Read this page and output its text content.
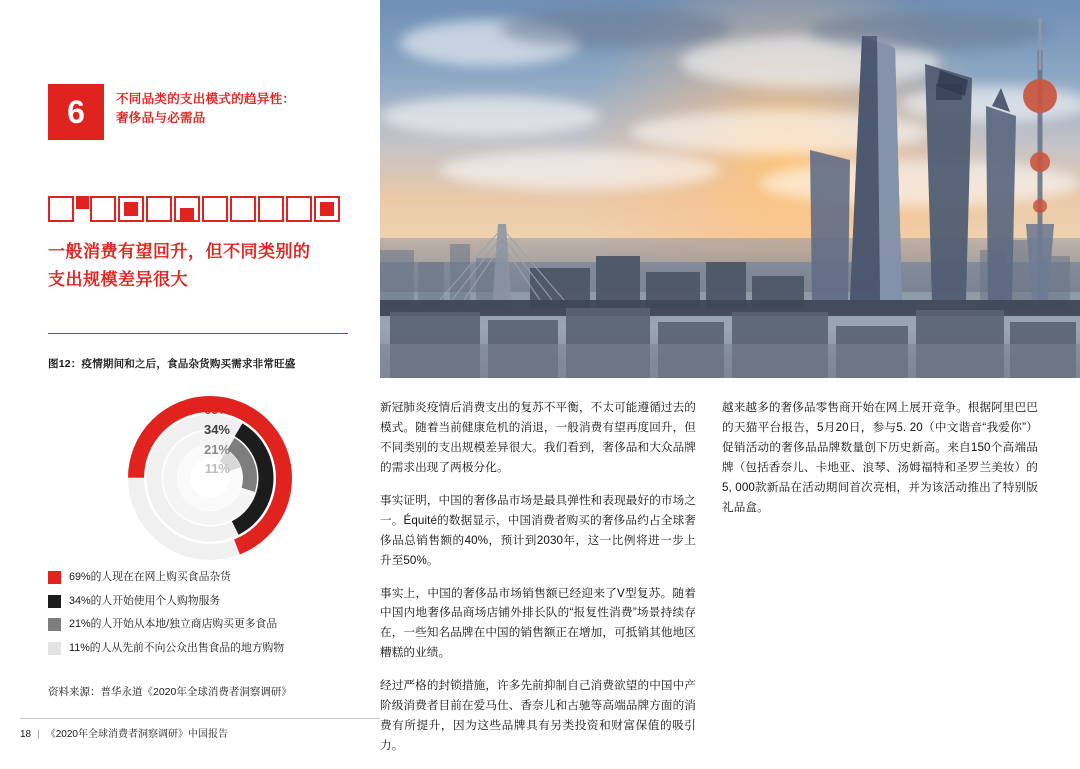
6	不同品类的支出模式的趋异性：
奢侈品与必需品
一般消费有望回升，但不同类别的
支出规模差异很大
图12：疫情期间和之后，食品杂货购买需求非常旺盛
69%
34%
21%
11%
69%的人现在在网上购买食品杂货
34%的人开始使用个人购物服务
21%的人开始从本地/独立商店购买更多食品
11%的人从先前不向公众出售食品的地方购物
资料来源：普华永道《2020年全球消费者洞察调研》
18 | 《2020年全球消费者洞察调研》中国报告

新冠肺炎疫情后消费支出的复苏不平衡，不太可能遵循过去的模式。随着当前健康危机的消退，一般消费有望再度回升，但不同类别的支出规模差异很大。我们看到，奢侈品和大众品牌的需求出现了两极分化。

事实证明，中国的奢侈品市场是最具弹性和表现最好的市场之一。Équité的数据显示，中国消费者购买的奢侈品约占全球奢侈品总销售额的40%，预计到2030年，这一比例将进一步上升至50%。

事实上，中国的奢侈品市场销售额已经迎来了V型复苏。随着中国内地奢侈品商场店铺外排长队的“报复性消费”场景持续存在，一些知名品牌在中国的销售额正在增加，可抵销其他地区糟糕的业绩。

经过严格的封锁措施，许多先前抑制自己消费欲望的中国中产阶级消费者目前在爱马仕、香奈儿和古驰等高端品牌方面的消费有所提升，因为这些品牌具有另类投资和财富保值的吸引力。

越来越多的奢侈品零售商开始在网上展开竞争。根据阿里巴巴的天猫平台报告，5月20日，参与5. 20（中文谐音“我爱你”）促销活动的奢侈品品牌数量创下历史新高。来自150个高端品牌（包括香奈儿、卡地亚、浪琴、汤姆福特和圣罗兰美妆）的5, 000款新品在活动期间首次亮相，并为该活动推出了特别版礼品盒。
